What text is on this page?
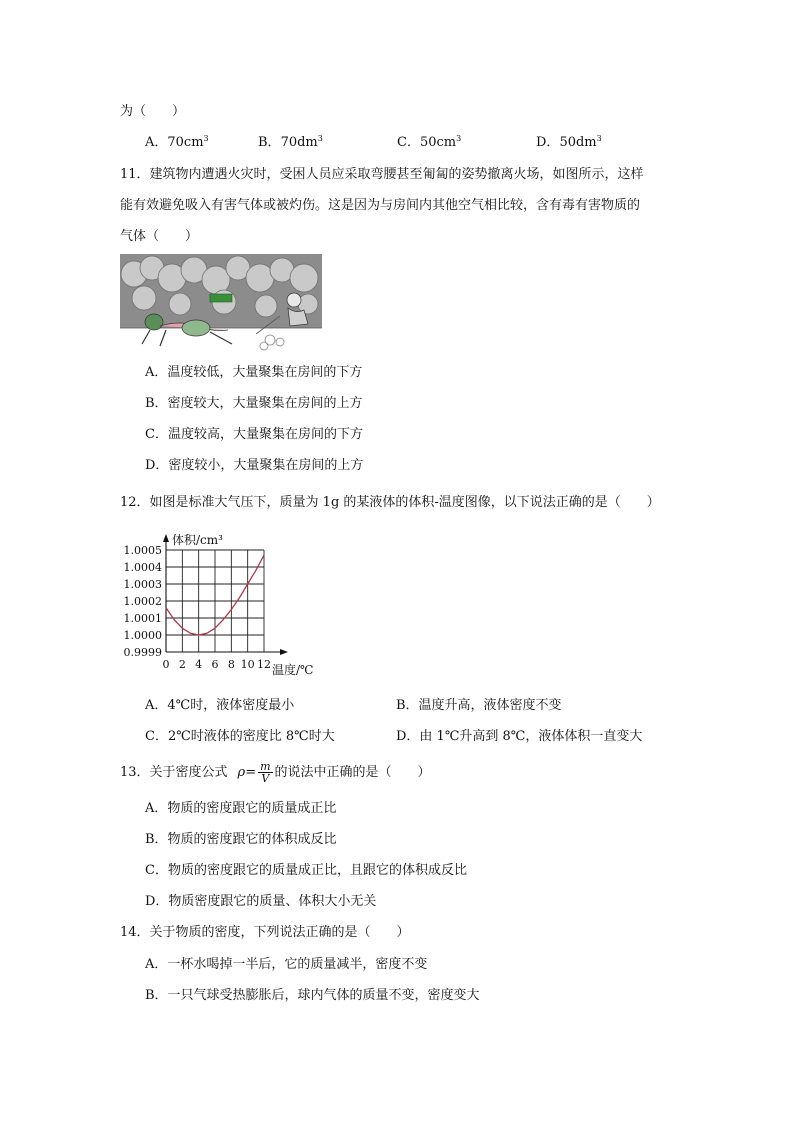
为（　　）
A．$70cm^3$	B．$70dm^3$	C．$50cm^3$	D．$50dm^3$
11．建筑物内遭遇火灾时，受困人员应采取弯腰甚至匍匐的姿势撤离火场，如图所示，这样
能有效避免吸入有害气体或被灼伤。这是因为与房间内其他空气相比较，含有毒有害物质的
气体（　　）
A．温度较低，大量聚集在房间的下方
B．密度较大，大量聚集在房间的上方
C．温度较高，大量聚集在房间的下方
D．密度较小，大量聚集在房间的上方
12．如图是标准大气压下，质量为 1g 的某液体的体积-温度图像，以下说法正确的是（　　）
0.9999
1.0000
1.0001
1.0002
1.0003
1.0004
1.0005
0 2 4 6 8 10 12
体积/cm³
温度/℃
A．4℃时，液体密度最小	B．温度升高，液体密度不变
C．2℃时液体的密度比 8℃时大	D．由 1℃升高到 8℃，液体体积一直变大
13．关于密度公式 $\rho= \frac{m}{V}$ 的说法中正确的是（　　）
A．物质的密度跟它的质量成正比
B．物质的密度跟它的体积成反比
C．物质的密度跟它的质量成正比，且跟它的体积成反比
D．物质密度跟它的质量、体积大小无关
14．关于物质的密度，下列说法正确的是（　　）
A．一杯水喝掉一半后，它的质量减半，密度不变
B．一只气球受热膨胀后，球内气体的质量不变，密度变大
